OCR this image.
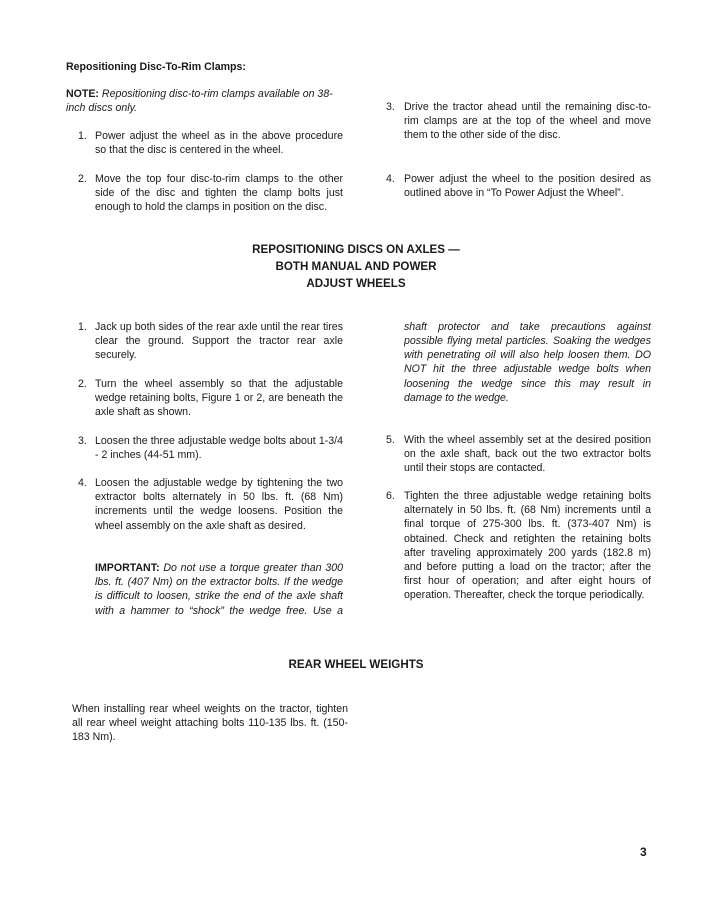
Repositioning Disc-To-Rim Clamps:
NOTE: Repositioning disc-to-rim clamps available on 38-inch discs only.
1. Power adjust the wheel as in the above procedure so that the disc is centered in the wheel.
2. Move the top four disc-to-rim clamps to the other side of the disc and tighten the clamp bolts just enough to hold the clamps in position on the disc.
3. Drive the tractor ahead until the remaining disc-to-rim clamps are at the top of the wheel and move them to the other side of the disc.
4. Power adjust the wheel to the position desired as outlined above in “To Power Adjust the Wheel”.
REPOSITIONING DISCS ON AXLES —
BOTH MANUAL AND POWER
ADJUST WHEELS
1. Jack up both sides of the rear axle until the rear tires clear the ground. Support the tractor rear axle securely.
2. Turn the wheel assembly so that the adjustable wedge retaining bolts, Figure 1 or 2, are beneath the axle shaft as shown.
3. Loosen the three adjustable wedge bolts about 1-3/4 - 2 inches (44-51 mm).
4. Loosen the adjustable wedge by tightening the two extractor bolts alternately in 50 lbs. ft. (68 Nm) increments until the wedge loosens. Position the wheel assembly on the axle shaft as desired.
IMPORTANT: Do not use a torque greater than 300 lbs. ft. (407 Nm) on the extractor bolts. If the wedge is difficult to loosen, strike the end of the axle shaft with a hammer to “shock” the wedge free. Use a
shaft protector and take precautions against possible flying metal particles. Soaking the wedges with penetrating oil will also help loosen them. DO NOT hit the three adjustable wedge bolts when loosening the wedge since this may result in damage to the wedge.
5. With the wheel assembly set at the desired position on the axle shaft, back out the two extractor bolts until their stops are contacted.
6. Tighten the three adjustable wedge retaining bolts alternately in 50 lbs. ft. (68 Nm) increments until a final torque of 275-300 lbs. ft. (373-407 Nm) is obtained. Check and retighten the retaining bolts after traveling approximately 200 yards (182.8 m) and before putting a load on the tractor; after the first hour of operation; and after eight hours of operation. Thereafter, check the torque periodically.
REAR WHEEL WEIGHTS
When installing rear wheel weights on the tractor, tighten all rear wheel weight attaching bolts 110-135 lbs. ft. (150-183 Nm).
3
